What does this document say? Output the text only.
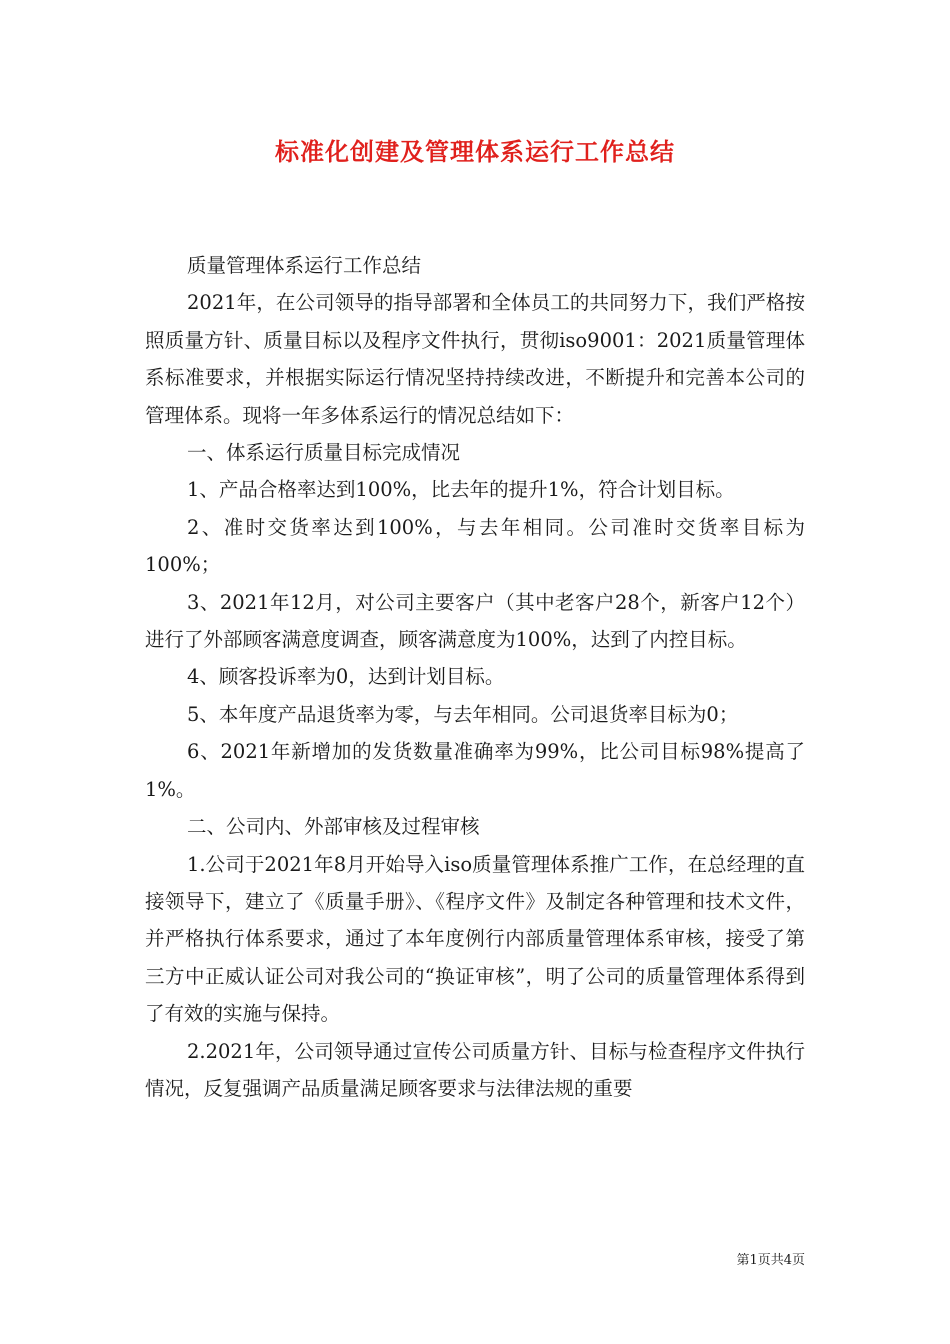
标准化创建及管理体系运行工作总结

质量管理体系运行工作总结

2021年，在公司领导的指导部署和全体员工的共同努力下，我们严格按照质量方针、质量目标以及程序文件执行，贯彻iso9001：2021质量管理体系标准要求，并根据实际运行情况坚持持续改进，不断提升和完善本公司的管理体系。现将一年多体系运行的情况总结如下：

一、体系运行质量目标完成情况

1、产品合格率达到100%，比去年的提升1%，符合计划目标。

2、准时交货率达到100%，与去年相同。公司准时交货率目标为100%；

3、2021年12月，对公司主要客户（其中老客户28个，新客户12个）进行了外部顾客满意度调查，顾客满意度为100%，达到了内控目标。

4、顾客投诉率为0，达到计划目标。

5、本年度产品退货率为零，与去年相同。公司退货率目标为0；

6、2021年新增加的发货数量准确率为99%，比公司目标98%提高了1%。

二、公司内、外部审核及过程审核

1.公司于2021年8月开始导入iso质量管理体系推广工作，在总经理的直接领导下，建立了《质量手册》、《程序文件》及制定各种管理和技术文件，并严格执行体系要求，通过了本年度例行内部质量管理体系审核，接受了第三方中正威认证公司对我公司的“换证审核”，明了公司的质量管理体系得到了有效的实施与保持。

2.2021年，公司领导通过宣传公司质量方针、目标与检查程序文件执行情况，反复强调产品质量满足顾客要求与法律法规的重要

第1页共4页
